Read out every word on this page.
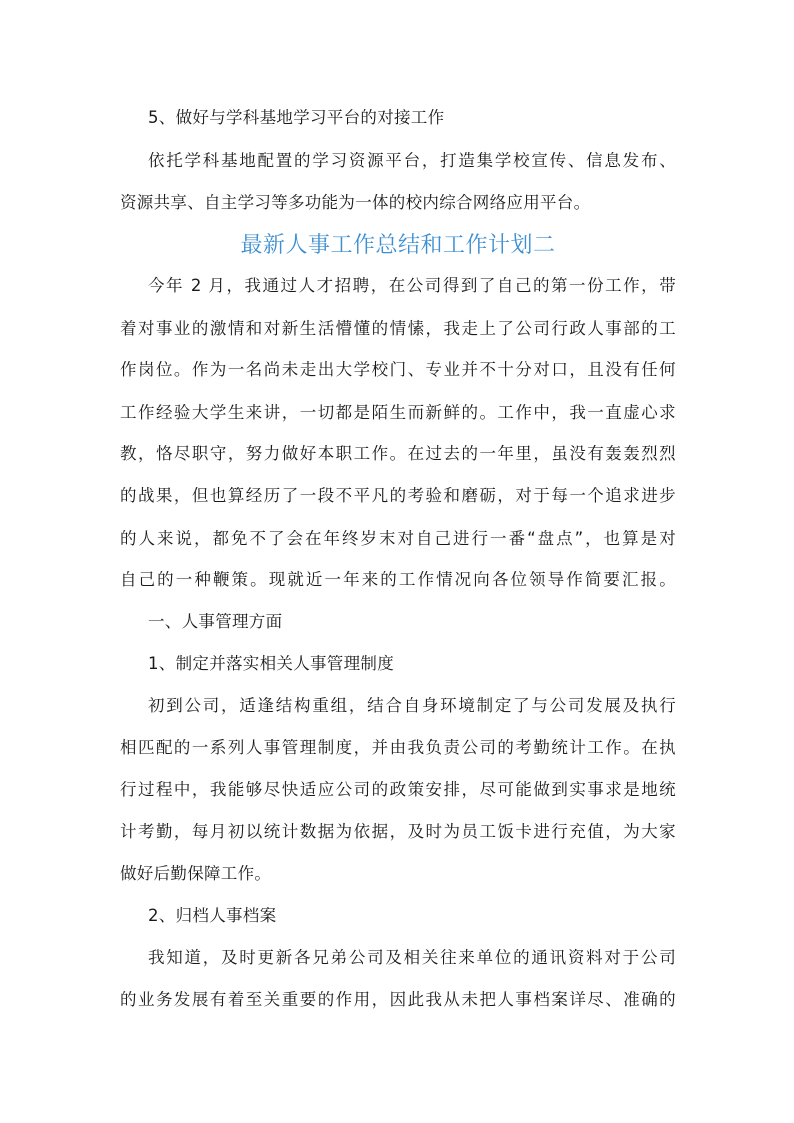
5、做好与学科基地学习平台的对接工作
依托学科基地配置的学习资源平台，打造集学校宣传、信息发布、
资源共享、自主学习等多功能为一体的校内综合网络应用平台。
最新人事工作总结和工作计划二
今年 2 月，我通过人才招聘，在公司得到了自己的第一份工作，带
着对事业的激情和对新生活懵懂的情愫，我走上了公司行政人事部的工
作岗位。作为一名尚未走出大学校门、专业并不十分对口，且没有任何
工作经验大学生来讲，一切都是陌生而新鲜的。工作中，我一直虚心求
教，恪尽职守，努力做好本职工作。在过去的一年里，虽没有轰轰烈烈
的战果，但也算经历了一段不平凡的考验和磨砺，对于每一个追求进步
的人来说，都免不了会在年终岁末对自己进行一番“盘点”，也算是对
自己的一种鞭策。现就近一年来的工作情况向各位领导作简要汇报。
一、人事管理方面
1、制定并落实相关人事管理制度
初到公司，适逢结构重组，结合自身环境制定了与公司发展及执行
相匹配的一系列人事管理制度，并由我负责公司的考勤统计工作。在执
行过程中，我能够尽快适应公司的政策安排，尽可能做到实事求是地统
计考勤，每月初以统计数据为依据，及时为员工饭卡进行充值，为大家
做好后勤保障工作。
2、归档人事档案
我知道，及时更新各兄弟公司及相关往来单位的通讯资料对于公司
的业务发展有着至关重要的作用，因此我从未把人事档案详尽、准确的
